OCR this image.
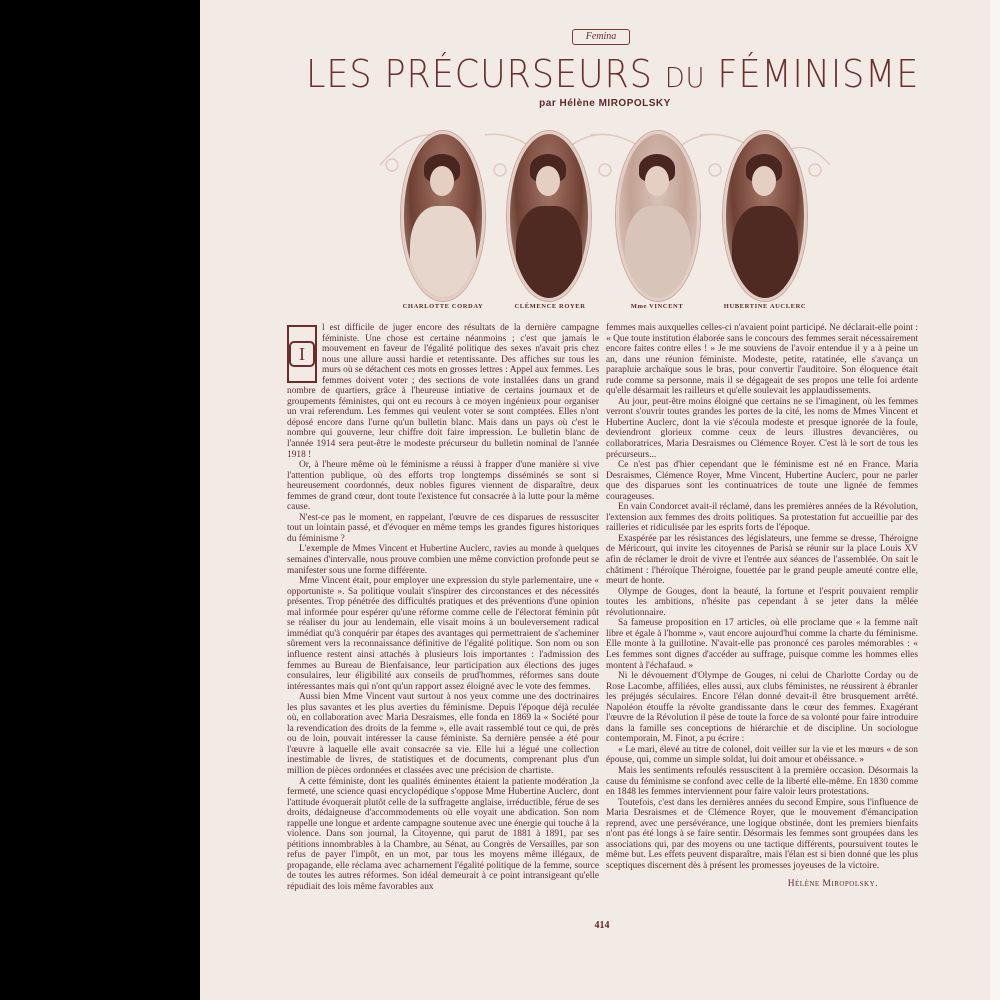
Femina
LES PRÉCURSEURS DU FÉMINISME
par Hélène MIROPOLSKY
CHARLOTTE CORDAY	CLÉMENCE ROYER	Mme VINCENT	HUBERTINE AUCLERC
I

l est difficile de juger encore des résultats de la dernière campagne féministe. Une chose est certaine néanmoins ; c'est que jamais le mouvement en faveur de l'égalité politique des sexes n'avait pris chez nous une allure aussi hardie et retentissante. Des affiches sur tous les murs où se détachent ces mots en grosses lettres : Appel aux femmes. Les femmes doivent voter ; des sections de vote installées dans un grand nombre de quartiers, grâce à l'heureuse intiative de certains journaux et de groupements féministes, qui ont eu recours à ce moyen ingénieux pour organiser un vrai referendum. Les femmes qui veulent voter se sont comptées. Elles n'ont déposé encore dans l'urne qu'un bulletin blanc. Mais dans un pays où c'est le nombre qui gouverne, leur chiffre doit faire impression. Le bulletin blanc de l'année 1914 sera peut-être le modeste précurseur du bulletin nominal de l'année 1918 !

Or, à l'heure même où le féminisme a réussi à frapper d'une manière si vive l'attention publique, où des efforts trop longtemps disséminés se sont si heureusement coordonnés, deux nobles figures viennent de disparaître, deux femmes de grand cœur, dont toute l'existence fut consacrée à la lutte pour la même cause.

N'est-ce pas le moment, en rappelant, l'œuvre de ces disparues de ressusciter tout un lointain passé, et d'évoquer en même temps les grandes figures historiques du féminisme ?

L'exemple de Mmes Vincent et Hubertine Auclerc, ravies au monde à quelques semaines d'intervalle, nous prouve combien une même conviction profonde peut se manifester sous une forme différente.

Mme Vincent était, pour employer une expression du style parlementaire, une « opportuniste ». Sa politique voulait s'inspirer des circonstances et des nécessités présentes. Trop pénétrée des difficultés pratiques et des préventions d'une opinion mal informée pour espérer qu'une réforme comme celle de l'électorat féminin pût se réaliser du jour au lendemain, elle visait moins à un bouleversement radical immédiat qu'à conquérir par étapes des avantages qui permettraient de s'acheminer sûrement vers la reconnaissance définitive de l'égalité politique. Son nom ou son influence restent ainsi attachés à plusieurs lois importantes : l'admission des femmes au Bureau de Bienfaisance, leur participation aux élections des juges consulaires, leur éligibilité aux conseils de prud'hommes, réformes sans doute intéressantes mais qui n'ont qu'un rapport assez éloigné avec le vote des femmes.

Aussi bien Mme Vincent vaut surtout à nos yeux comme une des doctrinaires les plus savantes et les plus averties du féminisme. Depuis l'époque déjà reculée où, en collaboration avec Maria Desraismes, elle fonda en 1869 la « Société pour la revendication des droits de la femme », elle avait rassemblé tout ce qui, de près ou de loin, pouvait intéresser la cause féministe. Sa dernière pensée a été pour l'œuvre à laquelle elle avait consacrée sa vie. Elle lui a légué une collection inestimable de livres, de statistiques et de documents, comprenant plus d'un million de pièces ordonnées et classées avec une précision de chartiste.

A cette féministe, dont les qualités éminentes étaient la patiente modération ,la fermeté, une science quasi encyclopédique s'oppose Mme Hubertine Auclerc, dont l'attitude évoquerait plutôt celle de la suffragette anglaise, irréductible, férue de ses droits, dédaigneuse d'accommodements où elle voyait une abdication. Son nom rappelle une longue et ardente campagne soutenue avec une énergie qui touche à la violence. Dans son journal, la Citoyenne, qui parut de 1881 à 1891, par ses pétitions innombrables à la Chambre, au Sénat, au Congrès de Versailles, par son refus de payer l'impôt, en un mot, par tous les moyens même illégaux, de propagande, elle réclama avec acharnement l'égalité politique de la femme, source de toutes les autres réformes. Son idéal demeurait à ce point intransigeant qu'elle répudiait des lois même favorables aux

femmes mais auxquelles celles-ci n'avaient point participé. Ne déclarait-elle point : « Que toute institution élaborée sans le concours des femmes serait nécessairement encore faites contre elles ! » Je me souviens de l'avoir entendue il y a à peine un an, dans une réunion féministe. Modeste, petite, ratatinée, elle s'avança un parapluie archaïque sous le bras, pour convertir l'auditoire. Son éloquence était rude comme sa personne, mais il se dégageait de ses propos une telle foi ardente qu'elle désarmait les railleurs et qu'elle soulevait les applaudissements.

Au jour, peut-être moins éloigné que certains ne se l'imaginent, où les femmes verront s'ouvrir toutes grandes les portes de la cité, les noms de Mmes Vincent et Hubertine Auclerc, dont la vie s'écoula modeste et presque ignorée de la foule, deviendront glorieux comme ceux de leurs illustres devancières, ou collaboratrices, Maria Desraismes ou Clémence Royer. C'est là le sort de tous les précurseurs...

Ce n'est pas d'hier cependant que le féminisme est né en France. Maria Desraismes, Clémence Royer, Mme Vincent, Hubertine Auclerc, pour ne parler que des disparues sont les continuatrices de toute une lignée de femmes courageuses.

En vain Condorcet avait-il réclamé, dans les premières années de la Révolution, l'extension aux femmes des droits politiques. Sa protestation fut accueillie par des railleries et ridiculisée par les esprits forts de l'époque.

Exaspérée par les résistances des législateurs, une femme se dresse, Théroigne de Méricourt, qui invite les citoyennes de Parisà se réunir sur la place Louis XV afin de réclamer le droit de vivre et l'entrée aux séances de l'assemblée. On sait le châtiment : l'héroïque Théroigne, fouettée par le grand peuple ameuté contre elle, meurt de honte.

Olympe de Gouges, dont la beauté, la fortune et l'esprit pouvaient remplir toutes les ambitions, n'hésite pas cependant à se jeter dans la mêlée révolutionnaire.

Sa fameuse proposition en 17 articles, où elle proclame que « la femme naît libre et égale à l'homme », vaut encore aujourd'hui comme la charte du féminisme. Elle monte à la guillotine. N'avait-elle pas prononcé ces paroles mémorables : « Les femmes sont dignes d'accéder au suffrage, puisque comme les hommes elles montent à l'échafaud. »

Ni le dévouement d'Olympe de Gouges, ni celui de Charlotte Corday ou de Rose Lacombe, affiliées, elles aussi, aux clubs féministes, ne réussirent à ébranler les préjugés séculaires. Encore l'élan donné devait-il être brusquement arrêté. Napoléon étouffe la révolte grandissante dans le cœur des femmes. Exagérant l'œuvre de la Révolution il pèse de toute la force de sa volonté pour faire introduire dans la famille ses conceptions de hiérarchie et de discipline. Un sociologue contemporain, M. Finot, a pu écrire :

« Le mari, élevé au titre de colonel, doit veiller sur la vie et les mœurs « de son épouse, qui, comme un simple soldat, lui doit amour et obéissance. »

Mais les sentiments refoulés ressuscitent à la première occasion. Désormais la cause du féminisme se confond avec celle de la liberté elle-même. En 1830 comme en 1848 les femmes interviennent pour faire valoir leurs protestations.

Toutefois, c'est dans les dernières années du second Empire, sous l'influence de Maria Desraismes et de Clémence Royer, que le mouvement d'émancipation reprend, avec une persévérance, une logique obstinée, dont les premiers bienfaits n'ont pas été longs à se faire sentir. Désormais les femmes sont groupées dans les associations qui, par des moyens ou une tactique différents, poursuivent toutes le même but. Les effets peuvent disparaître, mais l'élan est si bien donné que les plus sceptiques discernent dès à présent les promesses joyeuses de la victoire.

Hélène Miropolsky.
414
